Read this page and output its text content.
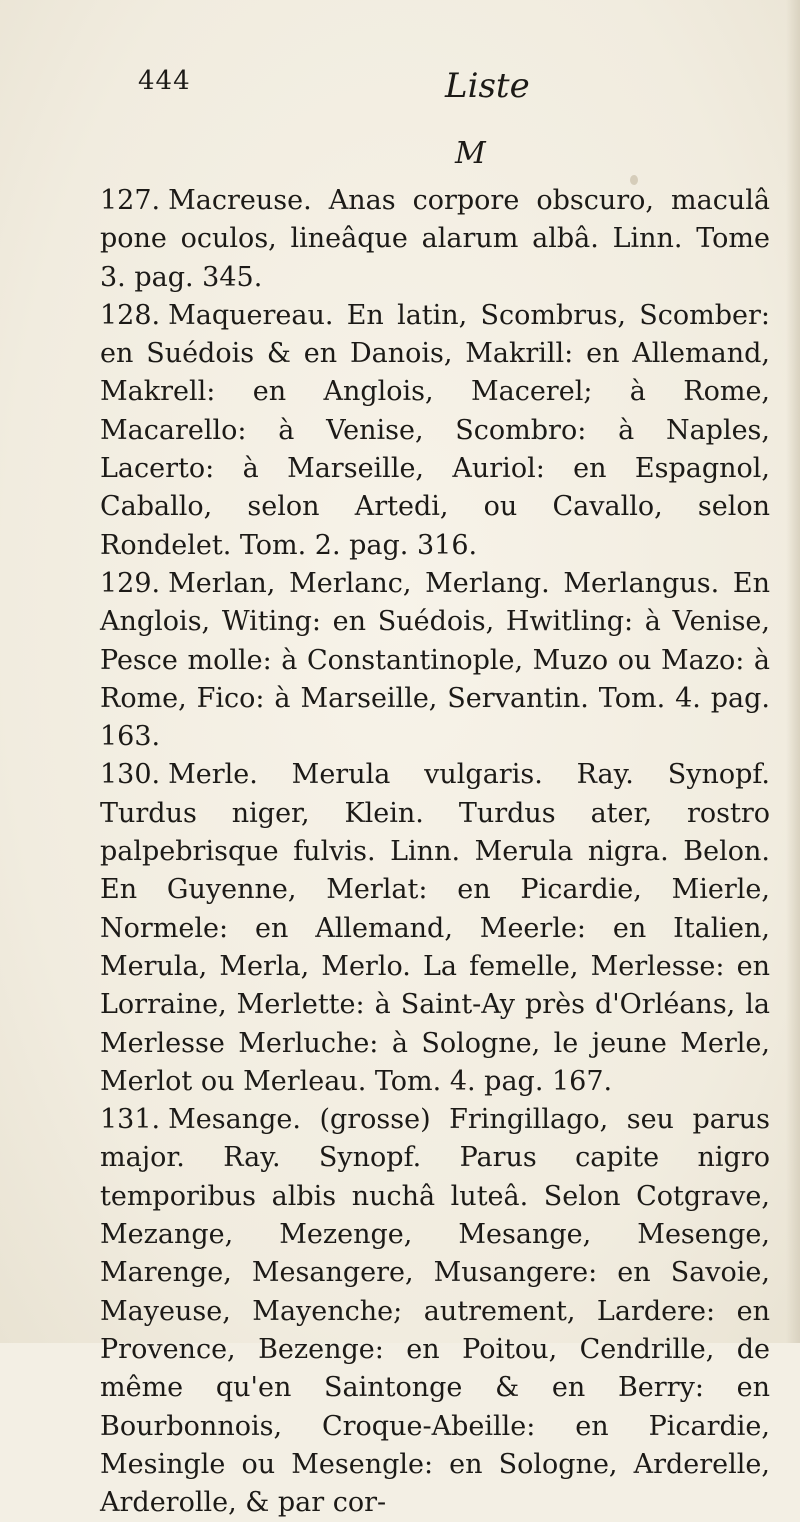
444	Liste
M

127. Macreuse. Anas corpore obscuro, maculâ pone oculos, lineâque alarum albâ. Linn. Tome 3. pag. 345.

128. Maquereau. En latin, Scombrus, Scomber: en Suédois & en Danois, Makrill: en Allemand, Makrell: en Anglois, Macerel; à Rome, Macarello: à Venise, Scombro: à Naples, Lacerto: à Marseille, Auriol: en Espagnol, Caballo, selon Artedi, ou Cavallo, selon Rondelet. Tom. 2. pag. 316.

129. Merlan, Merlanc, Merlang. Merlangus. En Anglois, Witing: en Suédois, Hwitling: à Venise, Pesce molle: à Constantinople, Muzo ou Mazo: à Rome, Fico: à Marseille, Servantin. Tom. 4. pag. 163.

130. Merle. Merula vulgaris. Ray. Synopf. Turdus niger, Klein. Turdus ater, rostro palpebrisque fulvis. Linn. Merula nigra. Belon. En Guyenne, Merlat: en Picardie, Mierle, Normele: en Allemand, Meerle: en Italien, Merula, Merla, Merlo. La femelle, Merlesse: en Lorraine, Merlette: à Saint-Ay près d'Orléans, la Merlesse Merluche: à Sologne, le jeune Merle, Merlot ou Merleau. Tom. 4. pag. 167.

131. Mesange. (grosse) Fringillago, seu parus major. Ray. Synopf. Parus capite nigro temporibus albis nuchâ luteâ. Selon Cotgrave, Mezange, Mezenge, Mesange, Mesenge, Marenge, Mesangere, Musangere: en Savoie, Mayeuse, Mayenche; autrement, Lardere: en Provence, Bezenge: en Poitou, Cendrille, de même qu'en Saintonge & en Berry: en Bourbonnois, Croque-Abeille: en Picardie, Mesingle ou Mesengle: en Sologne, Arderelle, Arderolle, & par cor-
